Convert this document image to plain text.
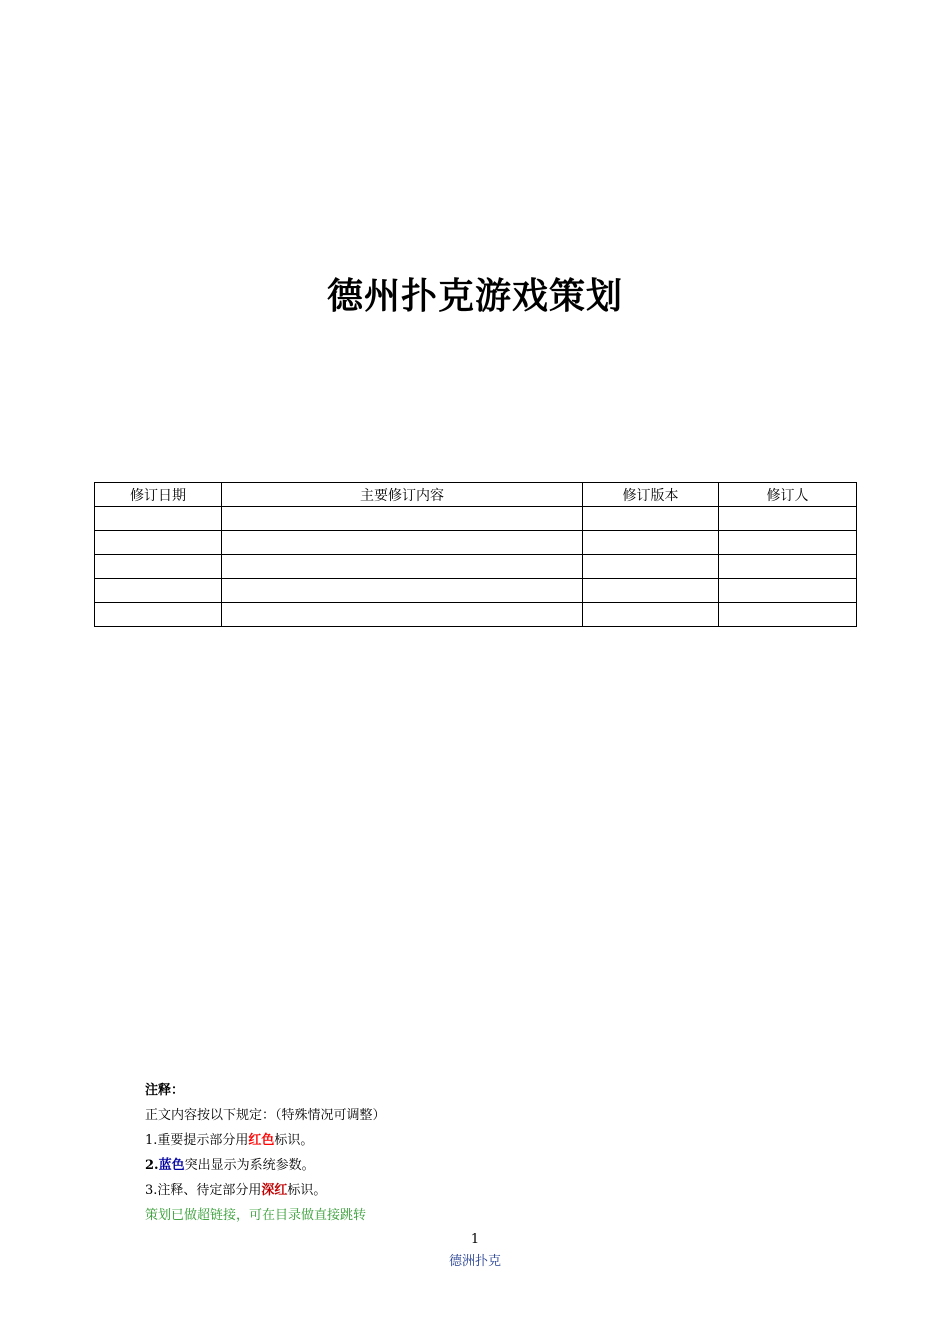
德州扑克游戏策划
修订日期	主要修订内容	修订版本	修订人

注释：
正文内容按以下规定：（特殊情况可调整）
1.重要提示部分用红色标识。
2.蓝色突出显示为系统参数。
3.注释、待定部分用深红标识。
策划已做超链接，可在目录做直接跳转
1
德洲扑克
